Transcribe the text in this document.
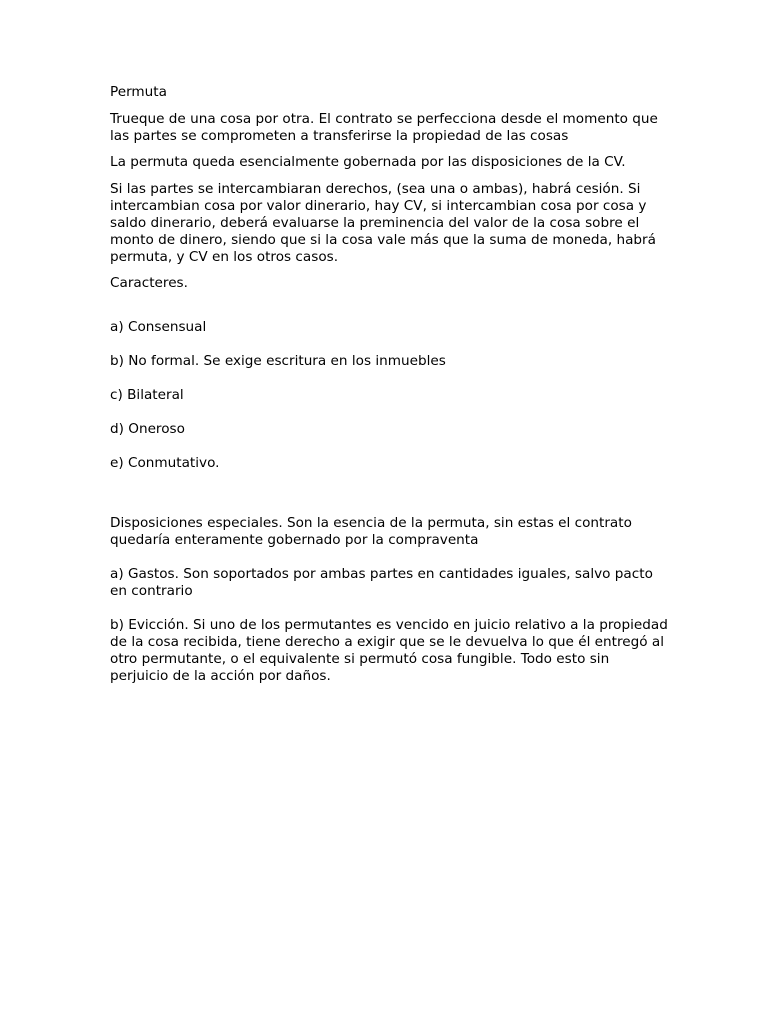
Permuta

Trueque de una cosa por otra. El contrato se perfecciona desde el momento que las partes se comprometen a transferirse la propiedad de las cosas

La permuta queda esencialmente gobernada por las disposiciones de la CV.

Si las partes se intercambiaran derechos, (sea una o ambas), habrá cesión. Si intercambian cosa por valor dinerario, hay CV, si intercambian cosa por cosa y saldo dinerario, deberá evaluarse la preminencia del valor de la cosa sobre el monto de dinero, siendo que si la cosa vale más que la suma de moneda, habrá permuta, y CV en los otros casos.

Caracteres.

a) Consensual

b) No formal. Se exige escritura en los inmuebles

c) Bilateral

d) Oneroso

e) Conmutativo.

Disposiciones especiales. Son la esencia de la permuta, sin estas el contrato quedaría enteramente gobernado por la compraventa

a) Gastos. Son soportados por ambas partes en cantidades iguales, salvo pacto en contrario

b) Evicción. Si uno de los permutantes es vencido en juicio relativo a la propiedad de la cosa recibida, tiene derecho a exigir que se le devuelva lo que él entregó al otro permutante, o el equivalente si permutó cosa fungible. Todo esto sin perjuicio de la acción por daños.
